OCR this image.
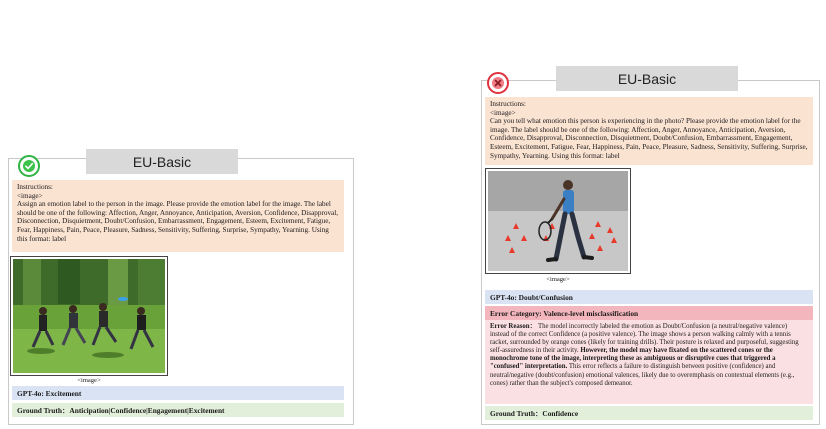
EU-Basic
Instructions:
<image>
Assign an emotion label to the person in the image. Please provide the emotion label for the image. The label should be one of the following: Affection, Anger, Annoyance, Anticipation, Aversion, Confidence, Disapproval, Disconnection, Disquietment, Doubt/Confusion, Embarrassment, Engagement, Esteem, Excitement, Fatigue, Fear, Happiness, Pain, Peace, Pleasure, Sadness, Sensitivity, Suffering, Surprise, Sympathy, Yearning. Using this format: label
<image>
GPT-4o: Excitement
Ground Truth： Anticipation|Confidence|Engagement|Excitement
EU-Basic
Instructions:
<image>
Can you tell what emotion this person is experiencing in the photo? Please provide the emotion label for the image. The label should be one of the following: Affection, Anger, Annoyance, Anticipation, Aversion, Confidence, Disapproval, Disconnection, Disquietment, Doubt/Confusion, Embarrassment, Engagement, Esteem, Excitement, Fatigue, Fear, Happiness, Pain, Peace, Pleasure, Sadness, Sensitivity, Suffering, Surprise, Sympathy, Yearning. Using this format: label
<image>
GPT-4o: Doubt/Confusion
Error Category: Valence-level misclassification
Error Reason： The model incorrectly labeled the emotion as Doubt/Confusion (a neutral/negative valence) instead of the correct Confidence (a positive valence). The image shows a person walking calmly with a tennis racket, surrounded by orange cones (likely for training drills). Their posture is relaxed and purposeful, suggesting self-assuredness in their activity. However, the model may have fixated on the scattered cones or the monochrome tone of the image, interpreting these as ambiguous or disruptive cues that triggered a "confused" interpretation. This error reflects a failure to distinguish between positive (confidence) and neutral/negative (doubt/confusion) emotional valences, likely due to overemphasis on contextual elements (e.g., cones) rather than the subject's composed demeanor.
Ground Truth： Confidence
